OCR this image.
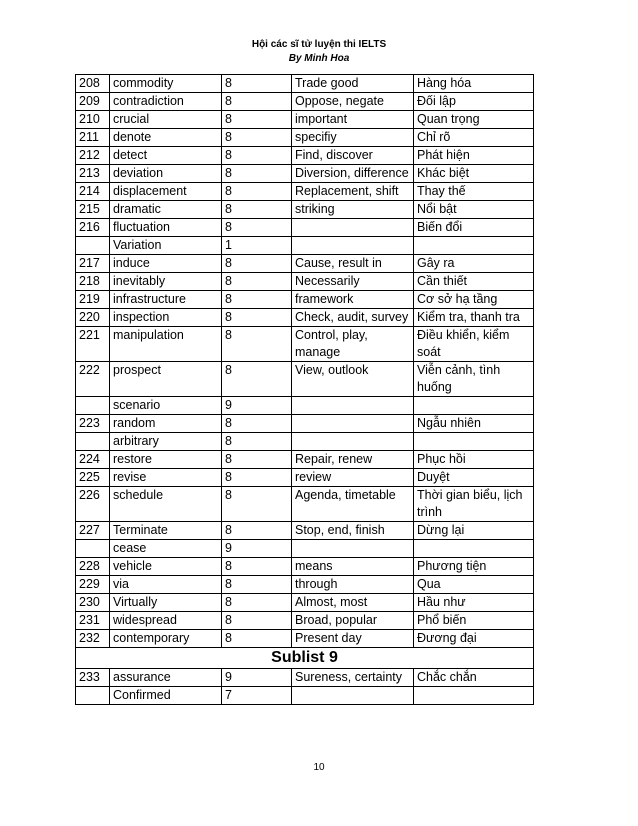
Hội các sĩ tử luyện thi IELTS
By Minh Hoa
208	commodity	8	Trade good	Hàng hóa
209	contradiction	8	Oppose, negate	Đối lập
210	crucial	8	important	Quan trọng
211	denote	8	specifiy	Chỉ rõ
212	detect	8	Find, discover	Phát hiện
213	deviation	8	Diversion, difference	Khác biệt
214	displacement	8	Replacement, shift	Thay thế
215	dramatic	8	striking	Nổi bật
216	fluctuation	8		Biến đổi
	Variation	1		
217	induce	8	Cause, result in	Gây ra
218	inevitably	8	Necessarily	Cần thiết
219	infrastructure	8	framework	Cơ sở hạ tầng
220	inspection	8	Check, audit, survey	Kiểm tra, thanh tra
221	manipulation	8	Control, play, manage	Điều khiển, kiểm soát
222	prospect	8	View, outlook	Viễn cảnh, tình huống
	scenario	9		
223	random	8		Ngẫu nhiên
	arbitrary	8		
224	restore	8	Repair, renew	Phục hồi
225	revise	8	review	Duyệt
226	schedule	8	Agenda, timetable	Thời gian biểu, lịch trình
227	Terminate	8	Stop, end, finish	Dừng lại
	cease	9		
228	vehicle	8	means	Phương tiện
229	via	8	through	Qua
230	Virtually	8	Almost, most	Hầu như
231	widespread	8	Broad, popular	Phổ biến
232	contemporary	8	Present day	Đương đại
Sublist 9				
233	assurance	9	Sureness, certainty	Chắc chắn
	Confirmed	7		
10
